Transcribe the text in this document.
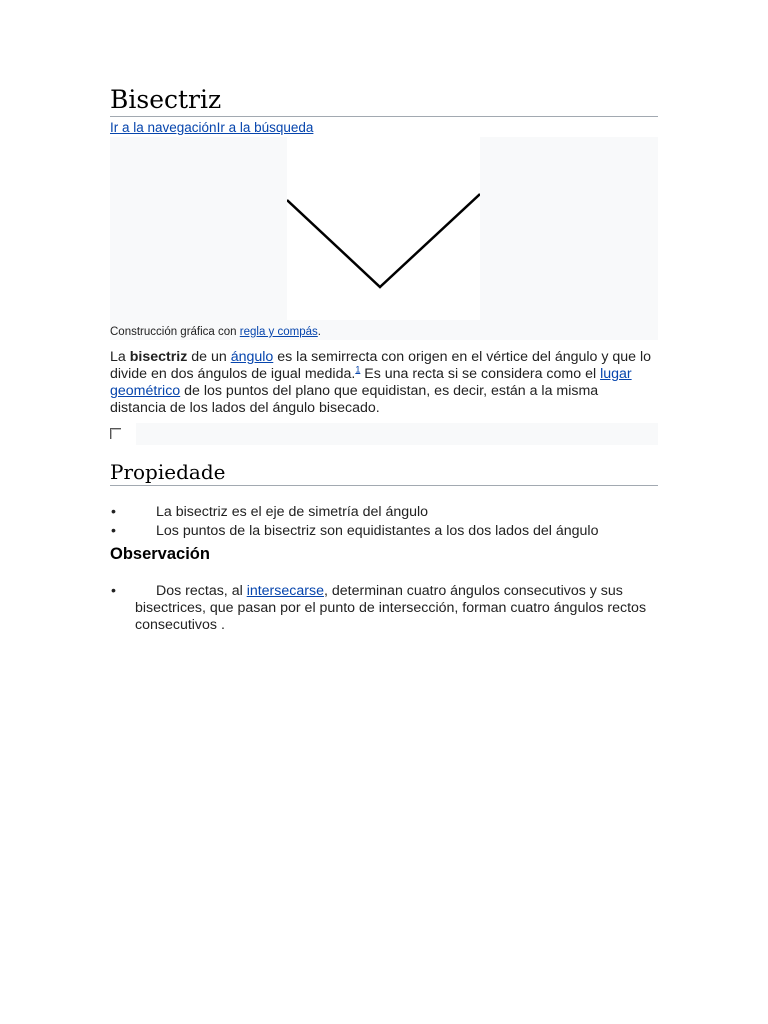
Bisectriz
Ir a la navegaciónIr a la búsqueda
Construcción gráfica con regla y compás.

La bisectriz de un ángulo es la semirrecta con origen en el vértice del ángulo y que lo divide en dos ángulos de igual medida.$^1$ Es una recta si se considera como el lugar geométrico de los puntos del plano que equidistan, es decir, están a la misma distancia de los lados del ángulo bisecado.

Propiedade
•	La bisectriz es el eje de simetría del ángulo
•	Los puntos de la bisectriz son equidistantes a los dos lados del ángulo
Observación
•	Dos rectas, al intersecarse, determinan cuatro ángulos consecutivos y sus bisectrices, que pasan por el punto de intersección, forman cuatro ángulos rectos consecutivos .
